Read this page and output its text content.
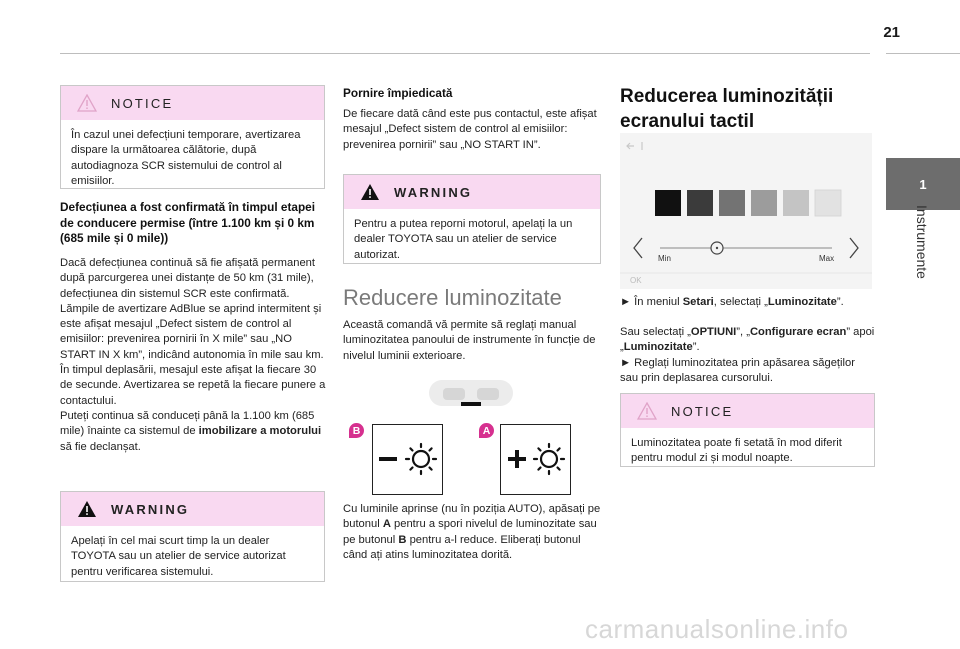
21
1
Instrumente
NOTICE
În cazul unei defecțiuni temporare, avertizarea dispare la următoarea călătorie, după autodiagnoza SCR sistemului de control al emisiilor.
Defecțiunea a fost confirmată în timpul etapei de conducere permise (între 1.100 km și 0 km (685 mile și 0 mile))

Dacă defecțiunea continuă să fie afișată permanent după parcurgerea unei distanțe de 50 km (31 mile), defecțiunea din sistemul SCR este confirmată.

Lămpile de avertizare AdBlue se aprind intermitent și este afișat mesajul „Defect sistem de control al emisiilor: prevenirea pornirii în X mile” sau „NO START IN X km”, indicând autonomia în mile sau km.

În timpul deplasării, mesajul este afișat la fiecare 30 de secunde. Avertizarea se repetă la fiecare punere a contactului.

Puteți continua să conduceți până la 1.100 km (685 mile) înainte ca sistemul de imobilizare a motorului să fie declanșat.

WARNING
Apelați în cel mai scurt timp la un dealer TOYOTA sau un atelier de service autorizat pentru verificarea sistemului.
Pornire împiedicată
De fiecare dată când este pus contactul, este afișat mesajul „Defect sistem de control al emisiilor: prevenirea pornirii” sau „NO START IN”.
WARNING
Pentru a putea reporni motorul, apelați la un dealer TOYOTA sau un atelier de service autorizat.
Reducere luminozitate
Această comandă vă permite să reglați manual luminozitatea panoului de instrumente în funcție de nivelul luminii exterioare.
B	A
Cu luminile aprinse (nu în poziția AUTO), apăsați pe butonul A pentru a spori nivelul de luminozitate sau pe butonul B pentru a-l reduce. Eliberați butonul când ați atins luminozitatea dorită.
Reducerea luminozității
ecranului tactil
Min	Max
OK
► În meniul Setari, selectați „Luminozitate”.

Sau selectați „OPTIUNI”, „Configurare ecran” apoi „Luminozitate”.

► Reglați luminozitatea prin apăsarea săgeților sau prin deplasarea cursorului.

NOTICE
Luminozitatea poate fi setată în mod diferit pentru modul zi și modul noapte.
carmanualsonline.info
